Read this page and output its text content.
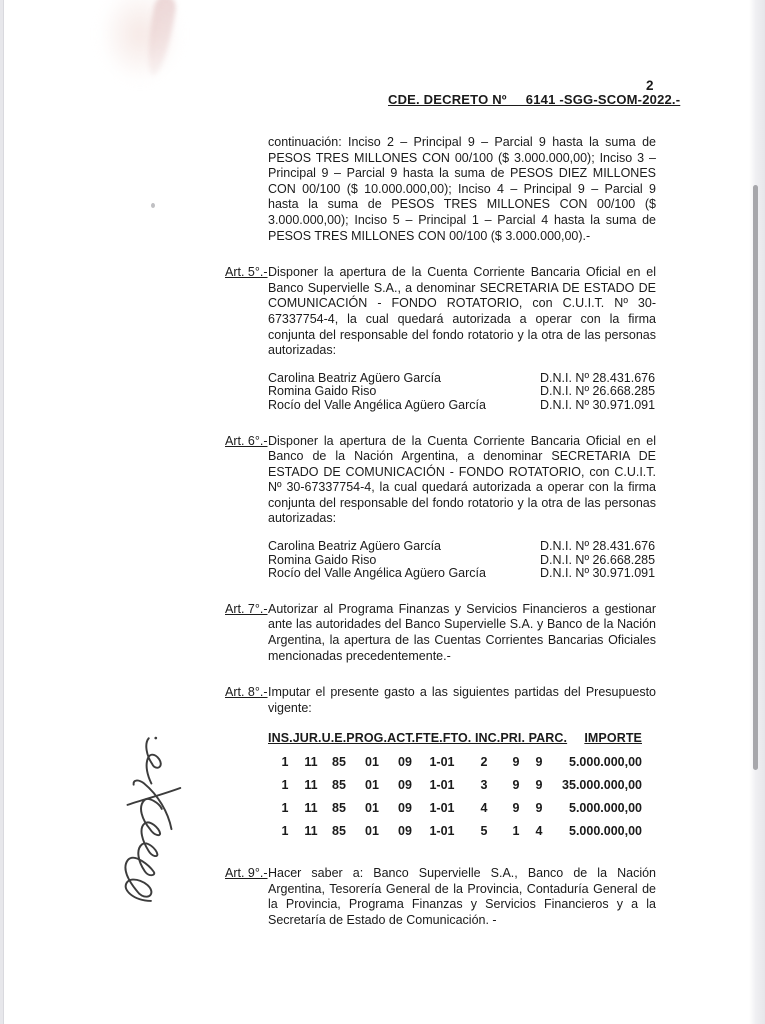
2
CDE. DECRETO Nº     6141 -SGG-SCOM-2022.-

continuación: Inciso 2 – Principal 9 – Parcial 9 hasta la suma de PESOS TRES MILLONES CON 00/100 ($ 3.000.000,00); Inciso 3 – Principal 9 – Parcial 9 hasta la suma de PESOS DIEZ MILLONES CON 00/100 ($ 10.000.000,00); Inciso 4 – Principal 9 – Parcial 9 hasta la suma de PESOS TRES MILLONES CON 00/100 ($ 3.000.000,00); Inciso 5 – Principal 1 – Parcial 4 hasta la suma de PESOS TRES MILLONES CON 00/100 ($ 3.000.000,00).-

Art. 5°.- Disponer la apertura de la Cuenta Corriente Bancaria Oficial en el Banco Supervielle S.A., a denominar SECRETARIA DE ESTADO DE COMUNICACIÓN - FONDO ROTATORIO, con C.U.I.T. Nº 30-67337754-4, la cual quedará autorizada a operar con la firma conjunta del responsable del fondo rotatorio y la otra de las personas autorizadas:
Carolina Beatriz Agüero García	D.N.I. Nº 28.431.676
Romina Gaido Riso	D.N.I. Nº 26.668.285
Rocío del Valle Angélica Agüero García	D.N.I. Nº 30.971.091
Art. 6°.- Disponer la apertura de la Cuenta Corriente Bancaria Oficial en el Banco de la Nación Argentina, a denominar SECRETARIA DE ESTADO DE COMUNICACIÓN - FONDO ROTATORIO, con C.U.I.T. Nº 30-67337754-4, la cual quedará autorizada a operar con la firma conjunta del responsable del fondo rotatorio y la otra de las personas autorizadas:
Carolina Beatriz Agüero García	D.N.I. Nº 28.431.676
Romina Gaido Riso	D.N.I. Nº 26.668.285
Rocío del Valle Angélica Agüero García	D.N.I. Nº 30.971.091
Art. 7°.- Autorizar al Programa Finanzas y Servicios Financieros a gestionar ante las autoridades del Banco Supervielle S.A. y Banco de la Nación Argentina, la apertura de las Cuentas Corrientes Bancarias Oficiales mencionadas precedentemente.-
Art. 8°.- Imputar el presente gasto a las siguientes partidas del Presupuesto vigente:
INS.JUR.U.E.PROG.ACT.FTE.FTO. INC.PRI. PARC. IMPORTE
1	11	85	01	09	1-01	2	9	9	5.000.000,00
1	11	85	01	09	1-01	3	9	9	35.000.000,00
1	11	85	01	09	1-01	4	9	9	5.000.000,00
1	11	85	01	09	1-01	5	1	4	5.000.000,00
Art. 9°.- Hacer saber a: Banco Supervielle S.A., Banco de la Nación Argentina, Tesorería General de la Provincia, Contaduría General de la Provincia, Programa Finanzas y Servicios Financieros y a la Secretaría de Estado de Comunicación. -
